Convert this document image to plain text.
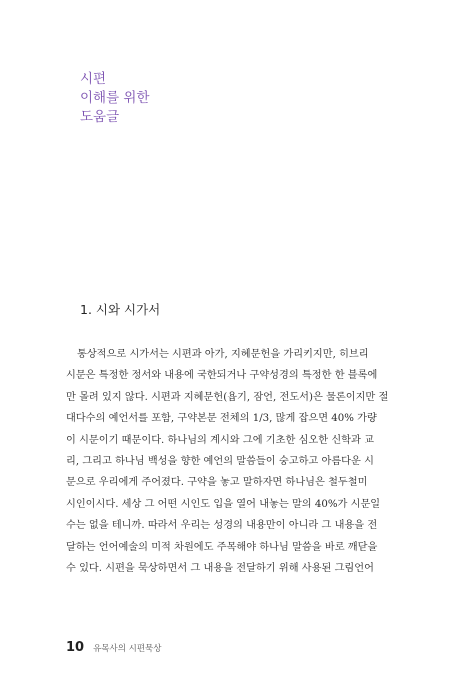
시편
이해를 위한
도움글
1. 시와 시가서
통상적으로 시가서는 시편과 아가, 지혜문헌을 가리키지만, 히브리
시문은 특정한 정서와 내용에 국한되거나 구약성경의 특정한 한 블록에
만 몰려 있지 않다. 시편과 지혜문헌(욥기, 잠언, 전도서)은 물론이지만 절
대다수의 예언서를 포함, 구약본문 전체의 1/3, 많게 잡으면 40% 가량
이 시문이기 때문이다. 하나님의 계시와 그에 기초한 심오한 신학과 교
리, 그리고 하나님 백성을 향한 예언의 말씀들이 숭고하고 아름다운 시
문으로 우리에게 주어졌다. 구약을 놓고 말하자면 하나님은 철두철미
시인이시다. 세상 그 어떤 시인도 입을 열어 내놓는 말의 40%가 시문일
수는 없을 테니까. 따라서 우리는 성경의 내용만이 아니라 그 내용을 전
달하는 언어예술의 미적 차원에도 주목해야 하나님 말씀을 바로 깨닫을
수 있다. 시편을 묵상하면서 그 내용을 전달하기 위해 사용된 그림언어
10 유목사의 시편묵상
